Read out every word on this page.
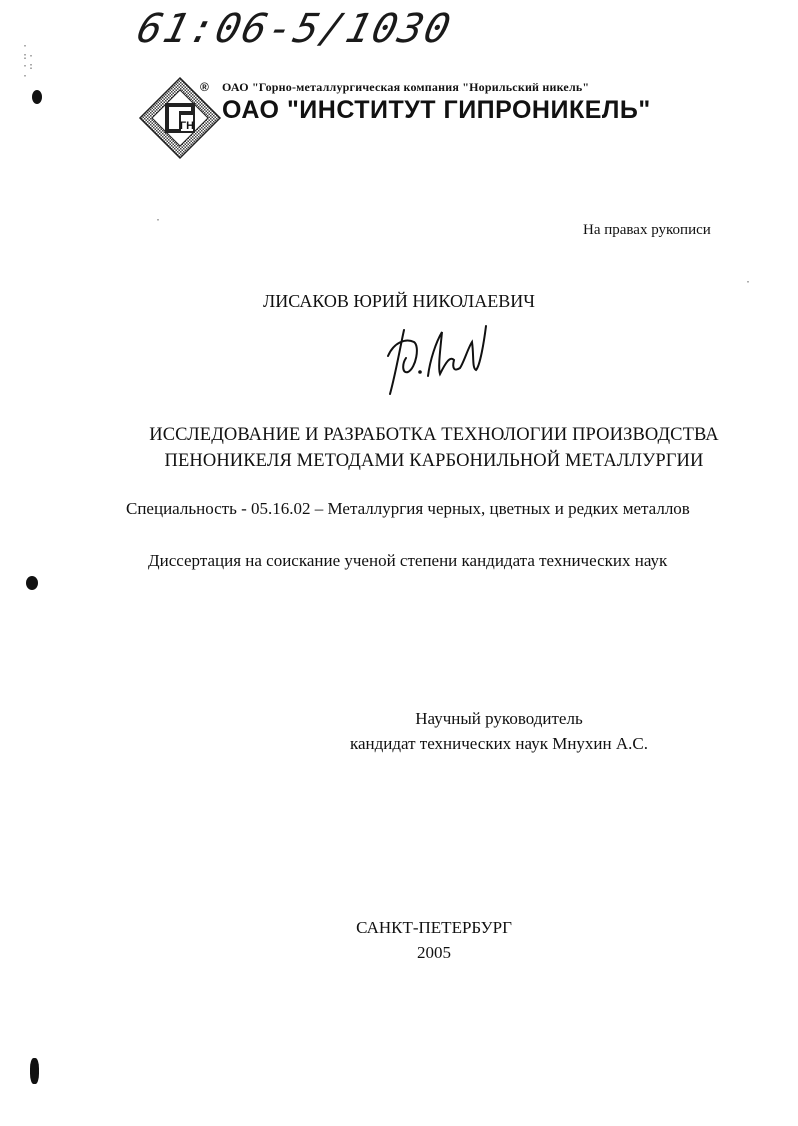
61:06-5/1030
·
:·
·:
·
ГН
® ОАО "Горно-металлургическая компания "Норильский никель"
ОАО "ИНСТИТУТ ГИПРОНИКЕЛЬ"
·
·
На правах рукописи
ЛИСАКОВ ЮРИЙ НИКОЛАЕВИЧ
ИССЛЕДОВАНИЕ И РАЗРАБОТКА ТЕХНОЛОГИИ ПРОИЗВОДСТВА
ПЕНОНИКЕЛЯ МЕТОДАМИ КАРБОНИЛЬНОЙ МЕТАЛЛУРГИИ
Специальность - 05.16.02 – Металлургия черных, цветных и редких металлов
Диссертация на соискание ученой степени кандидата технических наук
Научный руководитель
кандидат технических наук Мнухин А.С.
САНКТ-ПЕТЕРБУРГ
2005
